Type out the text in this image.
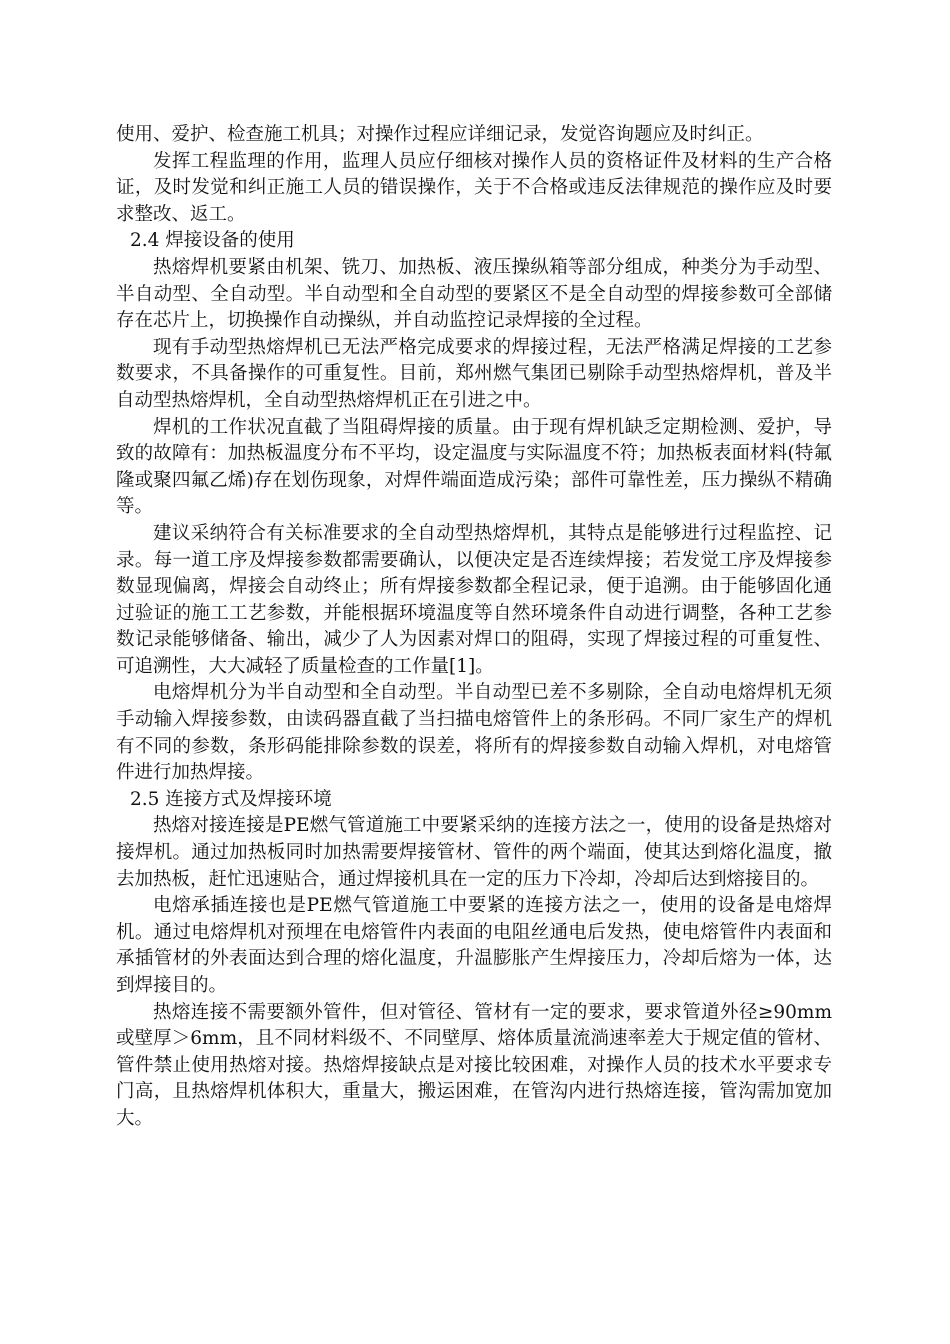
使用、爱护、检查施工机具；对操作过程应详细记录，发觉咨询题应及时纠正。

发挥工程监理的作用，监理人员应仔细核对操作人员的资格证件及材料的生产合格证，及时发觉和纠正施工人员的错误操作，关于不合格或违反法律规范的操作应及时要求整改、返工。

2.4 焊接设备的使用

热熔焊机要紧由机架、铣刀、加热板、液压操纵箱等部分组成，种类分为手动型、半自动型、全自动型。半自动型和全自动型的要紧区不是全自动型的焊接参数可全部储存在芯片上，切换操作自动操纵，并自动监控记录焊接的全过程。

现有手动型热熔焊机已无法严格完成要求的焊接过程，无法严格满足焊接的工艺参数要求，不具备操作的可重复性。目前，郑州燃气集团已剔除手动型热熔焊机，普及半自动型热熔焊机，全自动型热熔焊机正在引进之中。

焊机的工作状况直截了当阻碍焊接的质量。由于现有焊机缺乏定期检测、爱护，导致的故障有：加热板温度分布不平均，设定温度与实际温度不符；加热板表面材料(特氟隆或聚四氟乙烯)存在划伤现象，对焊件端面造成污染；部件可靠性差，压力操纵不精确等。

建议采纳符合有关标准要求的全自动型热熔焊机，其特点是能够进行过程监控、记录。每一道工序及焊接参数都需要确认，以便决定是否连续焊接；若发觉工序及焊接参数显现偏离，焊接会自动终止；所有焊接参数都全程记录，便于追溯。由于能够固化通过验证的施工工艺参数，并能根据环境温度等自然环境条件自动进行调整，各种工艺参数记录能够储备、输出，减少了人为因素对焊口的阻碍，实现了焊接过程的可重复性、可追溯性，大大减轻了质量检查的工作量[1]。

电熔焊机分为半自动型和全自动型。半自动型已差不多剔除，全自动电熔焊机无须手动输入焊接参数，由读码器直截了当扫描电熔管件上的条形码。不同厂家生产的焊机有不同的参数，条形码能排除参数的误差，将所有的焊接参数自动输入焊机，对电熔管件进行加热焊接。

2.5 连接方式及焊接环境

热熔对接连接是PE燃气管道施工中要紧采纳的连接方法之一，使用的设备是热熔对接焊机。通过加热板同时加热需要焊接管材、管件的两个端面，使其达到熔化温度，撤去加热板，赶忙迅速贴合，通过焊接机具在一定的压力下冷却，冷却后达到熔接目的。

电熔承插连接也是PE燃气管道施工中要紧的连接方法之一，使用的设备是电熔焊机。通过电熔焊机对预埋在电熔管件内表面的电阻丝通电后发热，使电熔管件内表面和承插管材的外表面达到合理的熔化温度，升温膨胀产生焊接压力，冷却后熔为一体，达到焊接目的。

热熔连接不需要额外管件，但对管径、管材有一定的要求，要求管道外径≥90mm或壁厚＞6mm，且不同材料级不、不同壁厚、熔体质量流淌速率差大于规定值的管材、管件禁止使用热熔对接。热熔焊接缺点是对接比较困难，对操作人员的技术水平要求专门高，且热熔焊机体积大，重量大，搬运困难，在管沟内进行热熔连接，管沟需加宽加大。
